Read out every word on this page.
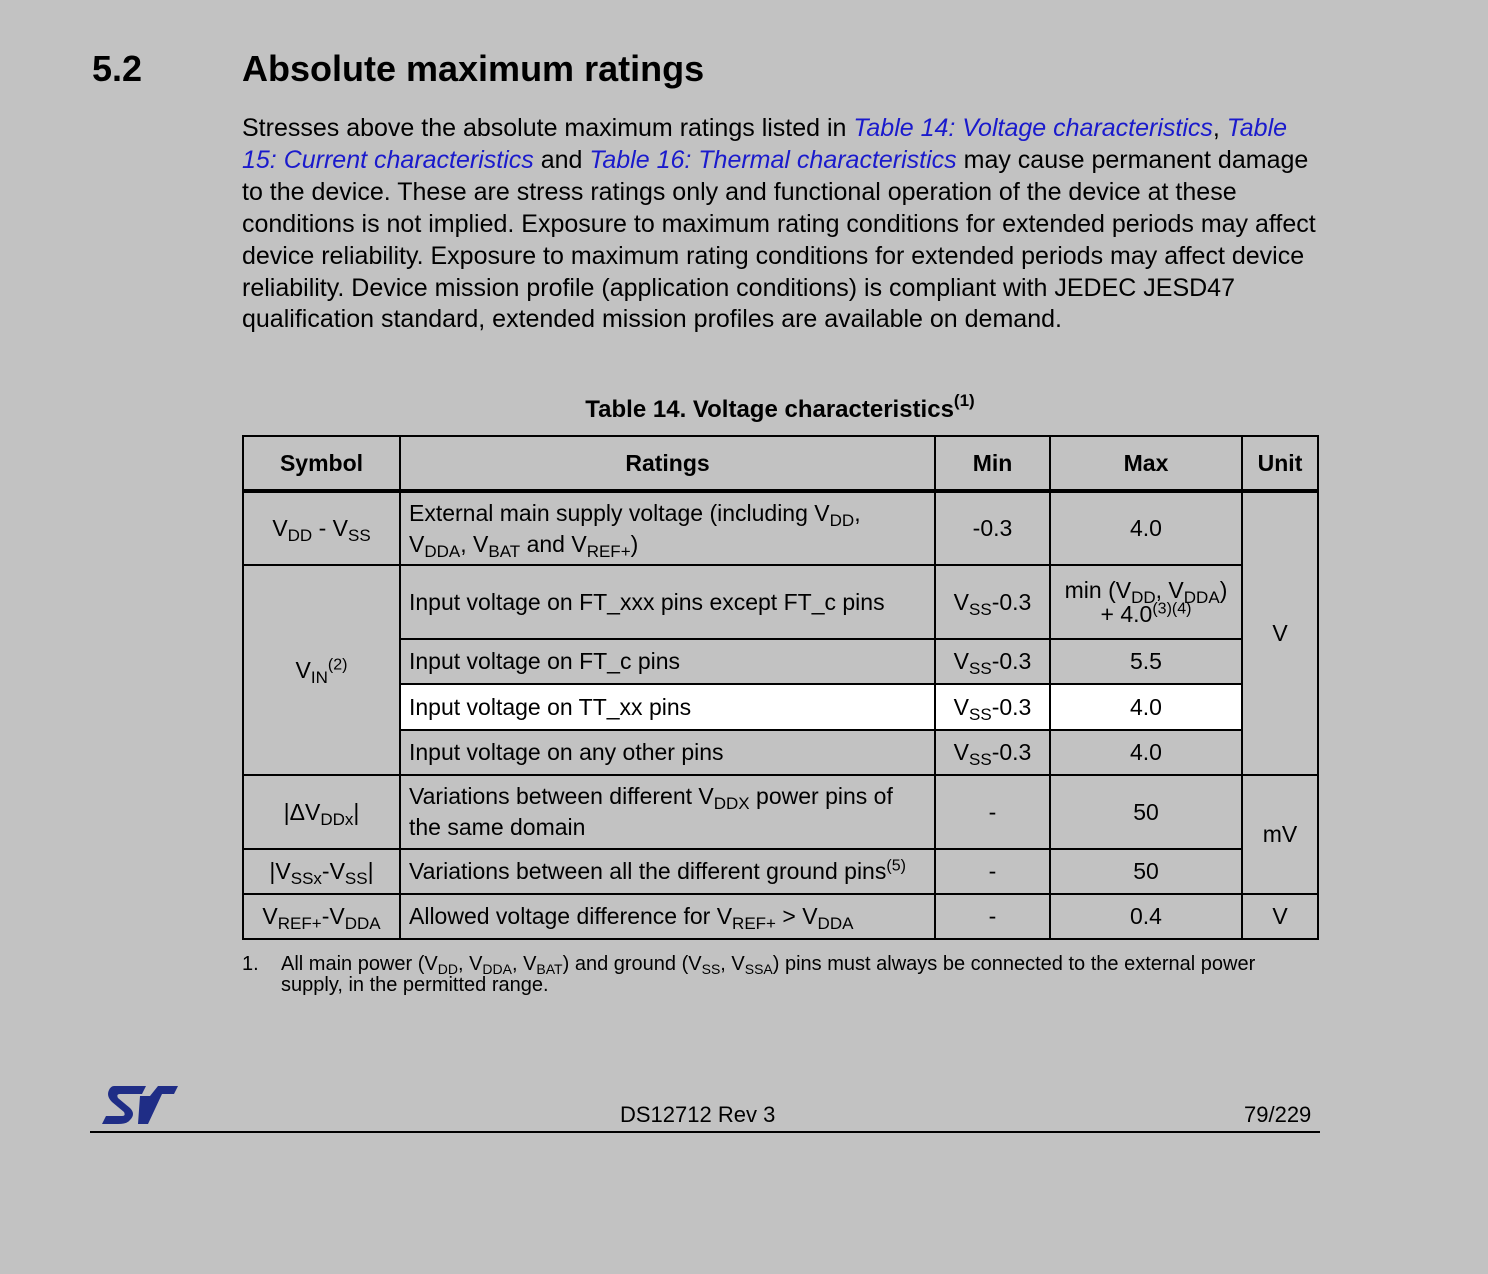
5.2	Absolute maximum ratings
Stresses above the absolute maximum ratings listed in Table 14: Voltage characteristics, Table 15: Current characteristics and Table 16: Thermal characteristics may cause permanent damage to the device. These are stress ratings only and functional operation of the device at these conditions is not implied. Exposure to maximum rating conditions for extended periods may affect device reliability. Exposure to maximum rating conditions for extended periods may affect device reliability. Device mission profile (application conditions) is compliant with JEDEC JESD47 qualification standard, extended mission profiles are available on demand.
Table 14. Voltage characteristics$^{(1)}$
Symbol	Ratings	Min	Max	Unit
$V_{DD} - V_{SS}$	External main supply voltage (including $V_{DD}$,
$V_{DDA}$, $V_{BAT}$ and $V_{REF+}$)	-0.3	4.0	V
$V_{IN}^{(2)}$	Input voltage on FT_xxx pins except FT_c pins	$V_{SS}-0.3$	$\min (V_{DD}$, $V_{DDA}$)
+ $4.0^{(3)(4)}$

	Input voltage on FT_c pins	$V_{SS}-0.3$	5.5	
	Input voltage on TT_xx pins	$V_{SS}-0.3$	4.0	
	Input voltage on any other pins	$V_{SS}-0.3$	4.0	
$|\Delta V_{DDx}|$	Variations between different $V_{DDX}$ power pins of the same domain	-	50	mV
$|V_{SSx}-V_{SS}|$	Variations between all the different ground pins$^{(5)}$	-	50	
$V_{REF+}-V_{DDA}$	Allowed voltage difference for $V_{REF+} > V_{DDA}$	-	0.4	V
1. All main power ($V_{DD}$, $V_{DDA}$, $V_{BAT}$) and ground ($V_{SS}$, $V_{SSA}$) pins must always be connected to the external power supply, in the permitted range.
DS12712 Rev 3	79/229
